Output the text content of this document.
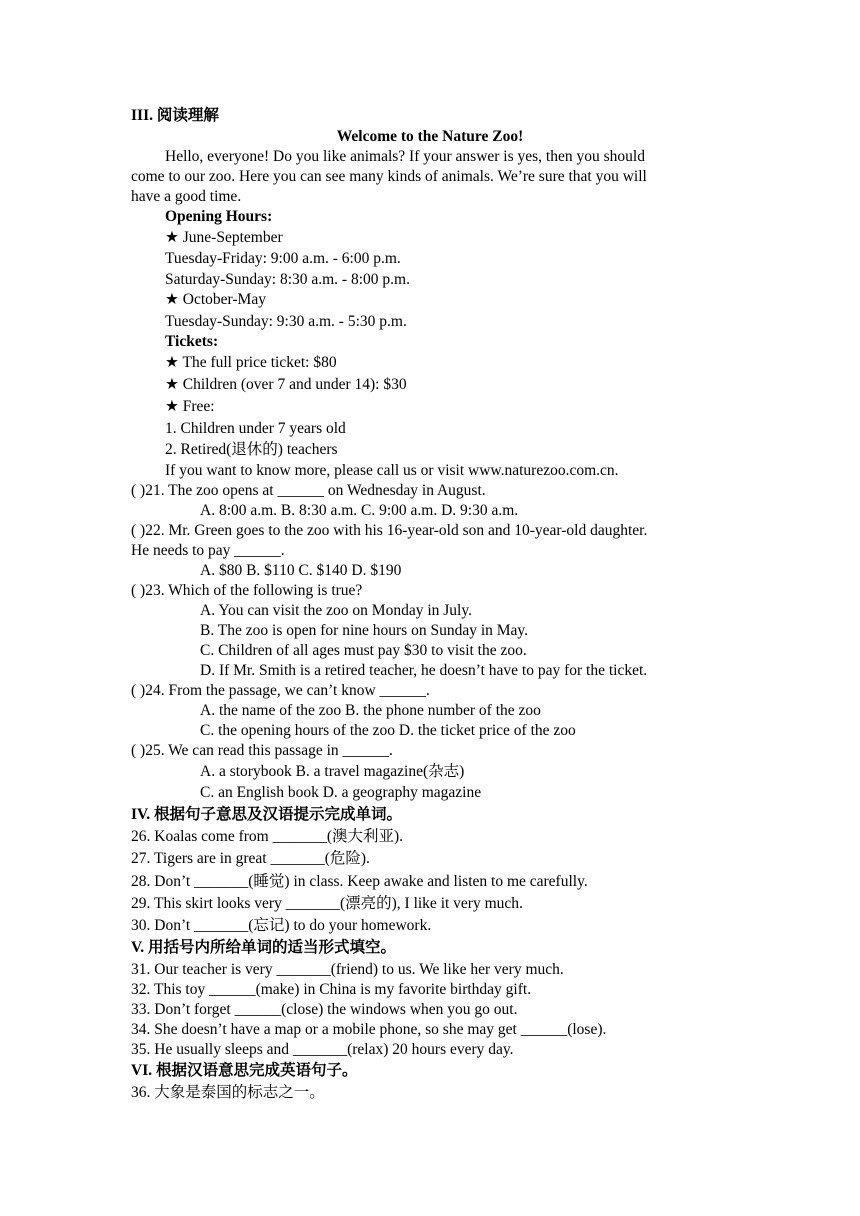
III. 阅读理解
Welcome to the Nature Zoo!
Hello, everyone! Do you like animals? If your answer is yes, then you should
come to our zoo. Here you can see many kinds of animals. We’re sure that you will
have a good time.
Opening Hours:
★ June-September
Tuesday-Friday: 9:00 a.m. - 6:00 p.m.
Saturday-Sunday: 8:30 a.m. - 8:00 p.m.
★ October-May
Tuesday-Sunday: 9:30 a.m. - 5:30 p.m.
Tickets:
★ The full price ticket: $80
★ Children (over 7 and under 14): $30
★ Free:
1. Children under 7 years old
2. Retired(退休的) teachers
If you want to know more, please call us or visit www.naturezoo.com.cn.
( )21. The zoo opens at ______ on Wednesday in August.
A. 8:00 a.m. B. 8:30 a.m. C. 9:00 a.m. D. 9:30 a.m.
( )22. Mr. Green goes to the zoo with his 16-year-old son and 10-year-old daughter.
He needs to pay ______.
A. $80 B. $110 C. $140 D. $190
( )23. Which of the following is true?
A. You can visit the zoo on Monday in July.
B. The zoo is open for nine hours on Sunday in May.
C. Children of all ages must pay $30 to visit the zoo.
D. If Mr. Smith is a retired teacher, he doesn’t have to pay for the ticket.
( )24. From the passage, we can’t know ______.
A. the name of the zoo B. the phone number of the zoo
C. the opening hours of the zoo D. the ticket price of the zoo
( )25. We can read this passage in ______.
A. a storybook B. a travel magazine(杂志)
C. an English book D. a geography magazine
IV. 根据句子意思及汉语提示完成单词。
26. Koalas come from _______(澳大利亚).
27. Tigers are in great _______(危险).
28. Don’t _______(睡觉) in class. Keep awake and listen to me carefully.
29. This skirt looks very _______(漂亮的), I like it very much.
30. Don’t _______(忘记) to do your homework.
V. 用括号内所给单词的适当形式填空。
31. Our teacher is very _______(friend) to us. We like her very much.
32. This toy ______(make) in China is my favorite birthday gift.
33. Don’t forget ______(close) the windows when you go out.
34. She doesn’t have a map or a mobile phone, so she may get ______(lose).
35. He usually sleeps and _______(relax) 20 hours every day.
VI. 根据汉语意思完成英语句子。
36. 大象是泰国的标志之一。
